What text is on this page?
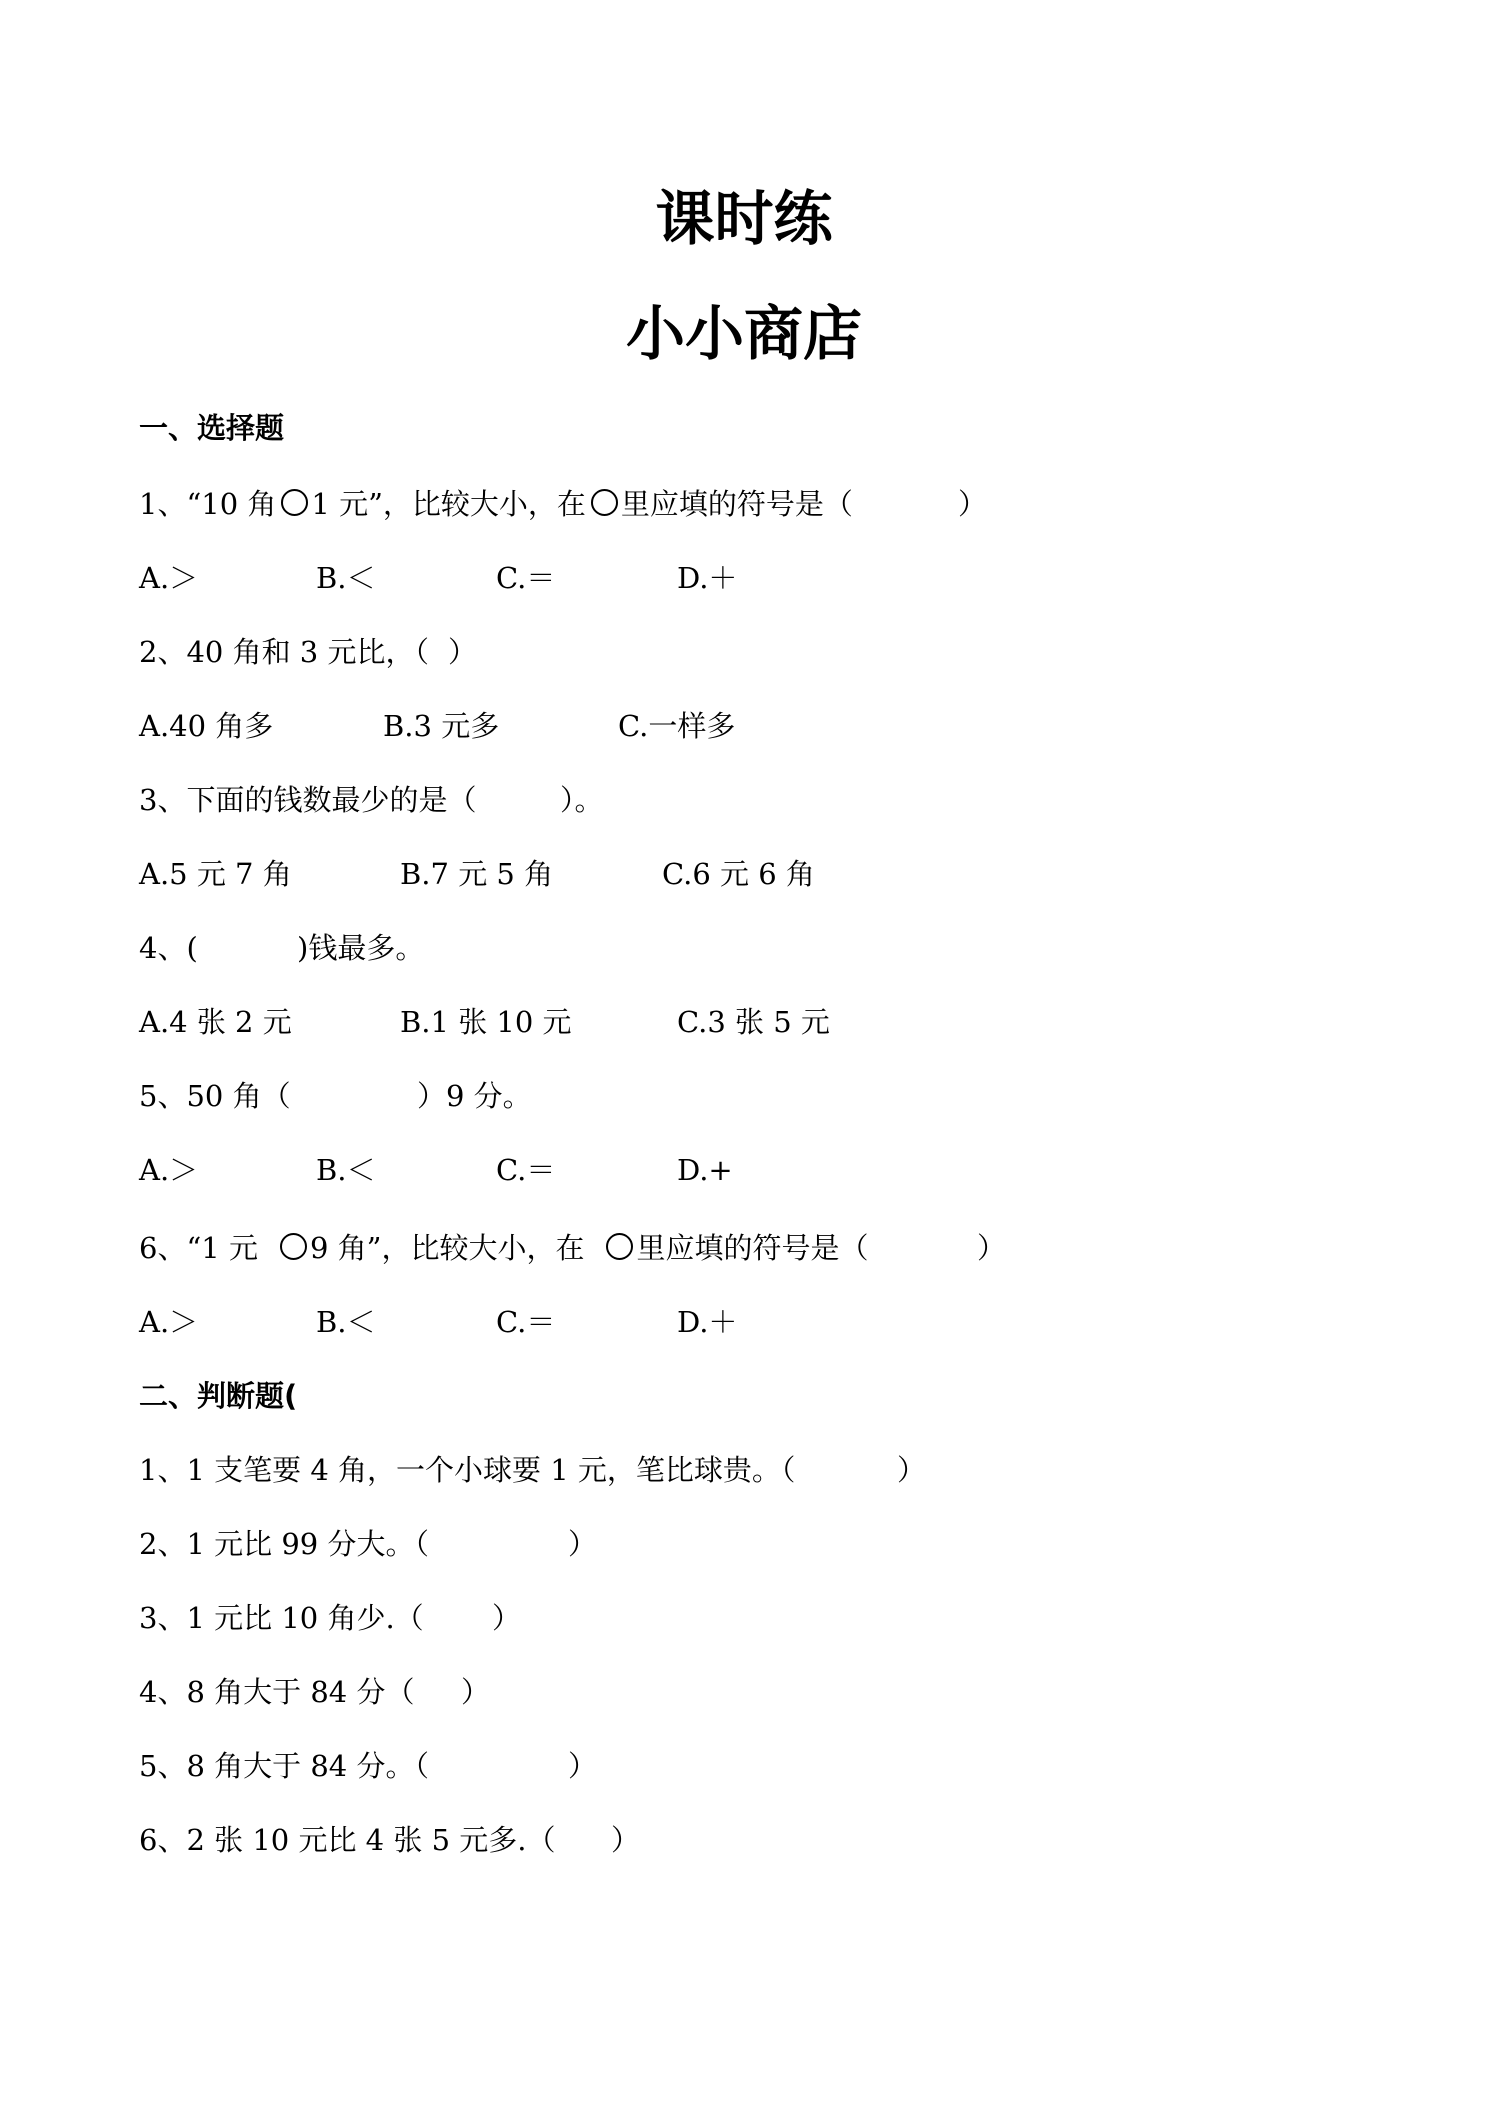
课时练
小小商店

一、选择题

1、“10 角 1 元”，比较大小，在 里应填的符号是（

	）

A.＞

	B.＜

	C.＝

	D.＋

2、40 角和 3 元比，（

）

A.40 角多

	B.3 元多

	C.一样多

3、下面的钱数最少的是（

	）。

A.5 元 7 角

	B.7 元 5 角

	C.6 元 6 角

4、(

	)钱最多。

A.4 张 2 元

	B.1 张 10 元

	C.3 张 5 元

5、50 角（

	）9 分。

A.＞

	B.＜

	C.＝

	D.+

6、“1 元 9 角”，比较大小，在 里应填的符号是（

	）

A.＞

	B.＜

	C.＝

	D.＋

二、判断题(

1、1 支笔要 4 角，一个小球要 1 元，笔比球贵。（

	）

2、1 元比 99 分大。（

	）

3、1 元比 10 角少.（

）

4、8 角大于 84 分（

）

5、8 角大于 84 分。（

	）

6、2 张 10 元比 4 张 5 元多.（

）
